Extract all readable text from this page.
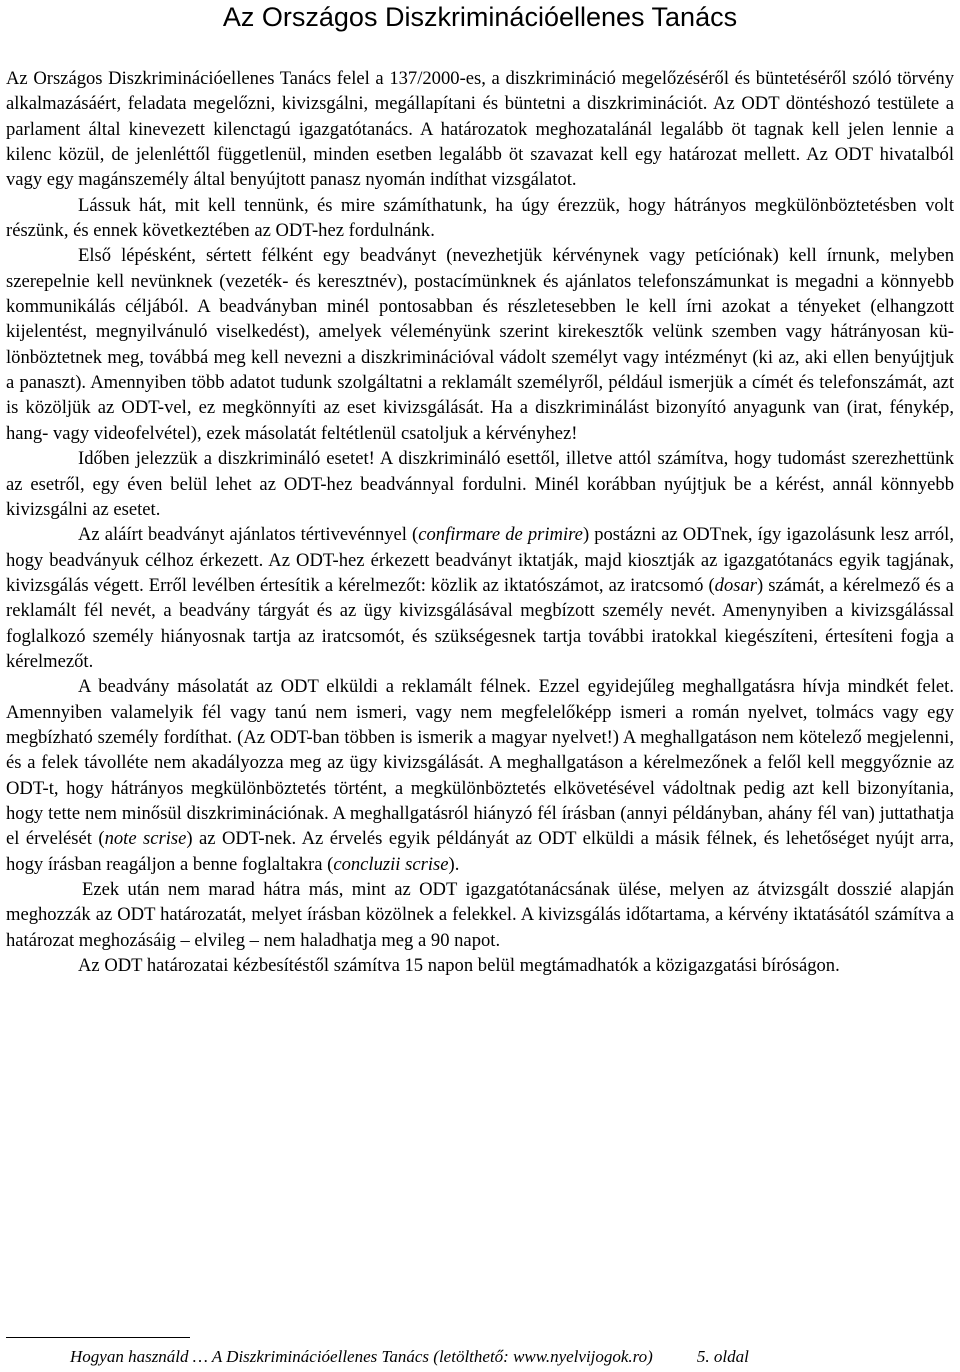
Az Országos Diszkriminációellenes Tanács

Az Országos Diszkriminációellenes Tanács felel a 137/2000-es, a diszkrimináció megelőzéséről és büntetéséről szóló törvény alkalmazásáért, feladata megelőzni, kivizsgálni, megállapítani és büntetni a diszkriminációt. Az ODT döntéshozó testülete a parlament által kinevezett kilenctagú igazgatótanács. A határozatok meghozatalánál legalább öt tagnak kell jelen lennie a kilenc közül, de jelenléttől függetlenül, minden esetben legalább öt szavazat kell egy határozat mellett. Az ODT hivatalból vagy egy magánszemély által benyújtott panasz nyomán indíthat vizsgálatot.

Lássuk hát, mit kell tennünk, és mire számíthatunk, ha úgy érezzük, hogy hátrányos megkülönböztetésben volt részünk, és ennek következtében az ODT-hez fordulnánk.

Első lépésként, sértett félként egy beadványt (nevezhetjük kérvénynek vagy petíciónak) kell írnunk, melyben szerepelnie kell nevünknek (vezeték- és keresztnév), postacímünknek és ajánlatos telefonszámunkat is megadni a könnyebb kommunikálás céljából. A beadványban minél pontosabban és részletesebben le kell írni azokat a tényeket (elhangzott kijelentést, megnyilvánuló viselkedést), amelyek véleményünk szerint kirekesztők velünk szemben vagy hátrányosan különböztetnek meg, továbbá meg kell nevezni a diszkriminációval vádolt személyt vagy intézményt (ki az, aki ellen benyújtjuk a panaszt). Amennyiben több adatot tudunk szolgáltatni a reklamált személyről, például ismerjük a címét és telefonszámát, azt is közöljük az ODT-vel, ez megkönnyíti az eset kivizsgálását. Ha a diszkriminálást bizonyító anyagunk van (irat, fénykép, hang- vagy videofelvétel), ezek másolatát feltétlenül csatoljuk a kérvényhez!

Időben jelezzük a diszkrimináló esetet! A diszkrimináló esettől, illetve attól számítva, hogy tudomást szerezhettünk az esetről, egy éven belül lehet az ODT-hez beadvánnyal fordulni. Minél korábban nyújtjuk be a kérést, annál könnyebb kivizsgálni az esetet.

Az aláírt beadványt ajánlatos tértivevénnyel (confirmare de primire) postázni az ODTnek, így igazolásunk lesz arról, hogy beadványuk célhoz érkezett. Az ODT-hez érkezett beadványt iktatják, majd kiosztják az igazgatótanács egyik tagjának, kivizsgálás végett. Erről levélben értesítik a kérelmezőt: közlik az iktatószámot, az iratcsomó (dosar) számát, a kérelmező és a reklamált fél nevét, a beadvány tárgyát és az ügy kivizsgálásával megbízott személy nevét. Amenynyiben a kivizsgálással foglalkozó személy hiányosnak tartja az iratcsomót, és szükségesnek tartja további iratokkal kiegészíteni, értesíteni fogja a kérelmezőt.

A beadvány másolatát az ODT elküldi a reklamált félnek. Ezzel egyidejűleg meghallgatásra hívja mindkét felet. Amennyiben valamelyik fél vagy tanú nem ismeri, vagy nem megfelelőképp ismeri a román nyelvet, tolmács vagy egy megbízható személy fordíthat. (Az ODT-ban többen is ismerik a magyar nyelvet!) A meghallgatáson nem kötelező megjelenni, és a felek távolléte nem akadályozza meg az ügy kivizsgálását. A meghallgatáson a kérelmezőnek a felől kell meggyőznie az ODT-t, hogy hátrányos megkülönböztetés történt, a megkülönböztetés elkövetésével vádoltnak pedig azt kell bizonyítania, hogy tette nem minősül diszkriminációnak. A meghallgatásról hiányzó fél írásban (annyi példányban, ahány fél van) juttathatja el érvelését (note scrise) az ODT-nek. Az érvelés egyik példányát az ODT elküldi a másik félnek, és lehetőséget nyújt arra, hogy írásban reagáljon a benne foglaltakra (concluzii scrise).

Ezek után nem marad hátra más, mint az ODT igazgatótanácsának ülése, melyen az átvizsgált dosszié alapján meghozzák az ODT határozatát, melyet írásban közölnek a felekkel. A kivizsgálás időtartama, a kérvény iktatásától számítva a határozat meghozásáig – elvileg – nem haladhatja meg a 90 napot.

Az ODT határozatai kézbesítéstől számítva 15 napon belül megtámadhatók a közigazgatási bíróságon.

Hogyan használd … A Diszkriminációellenes Tanács (letölthető: www.nyelvijogok.ro)	5. oldal
